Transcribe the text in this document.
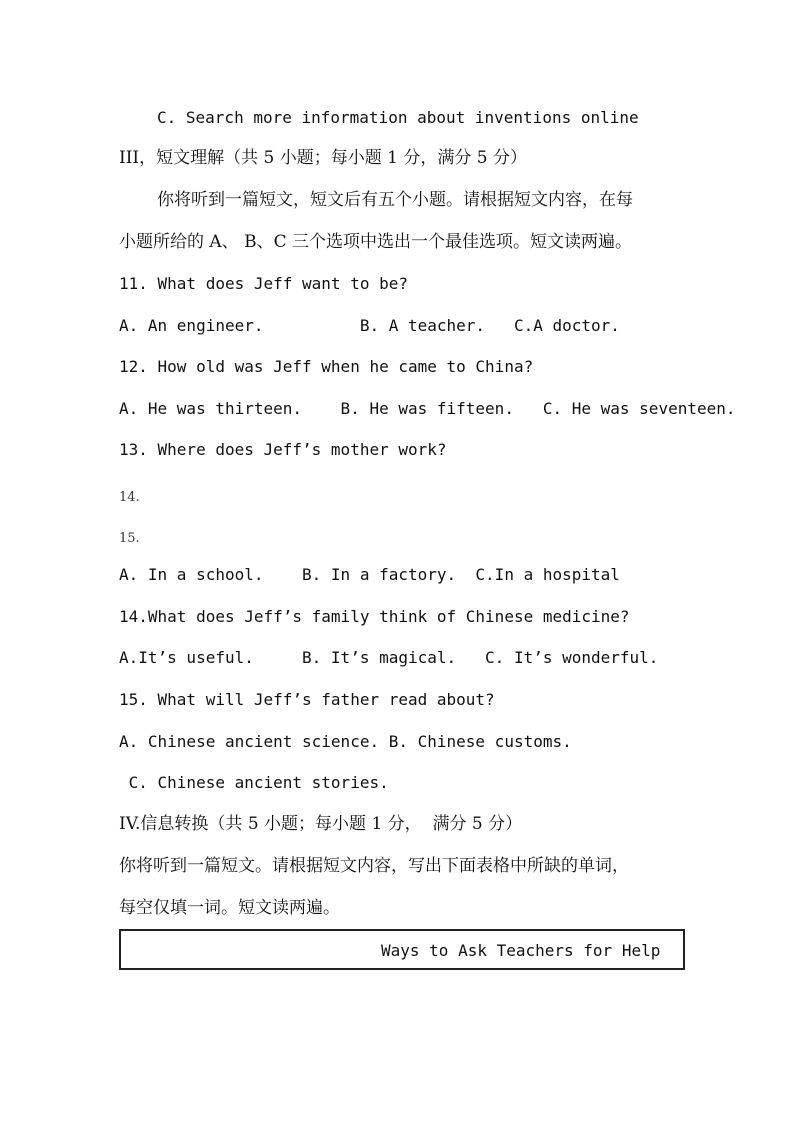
C. Search more information about inventions online
III，短文理解（共 5 小题；每小题 1 分，满分 5 分）
你将听到一篇短文，短文后有五个小题。请根据短文内容，在每
小题所给的 A、 B、C 三个选项中选出一个最佳选项。短文读两遍。
11. What does Jeff want to be?
A. An engineer.          B. A teacher.   C.A doctor.
12. How old was Jeff when he came to China?
A. He was thirteen.    B. He was fifteen.   C. He was seventeen.
13. Where does Jeff’s mother work?
14.
15.
A. In a school.    B. In a factory.  C.In a hospital
14.What does Jeff’s family think of Chinese medicine?
A.It’s useful.     B. It’s magical.   C. It’s wonderful.
15. What will Jeff’s father read about?
A. Chinese ancient science. B. Chinese customs.
C. Chinese ancient stories.
IV.信息转换（共 5 小题；每小题 1 分，  满分 5 分）
你将听到一篇短文。请根据短文内容，写出下面表格中所缺的单词，
每空仅填一词。短文读两遍。
Ways to Ask Teachers for Help
